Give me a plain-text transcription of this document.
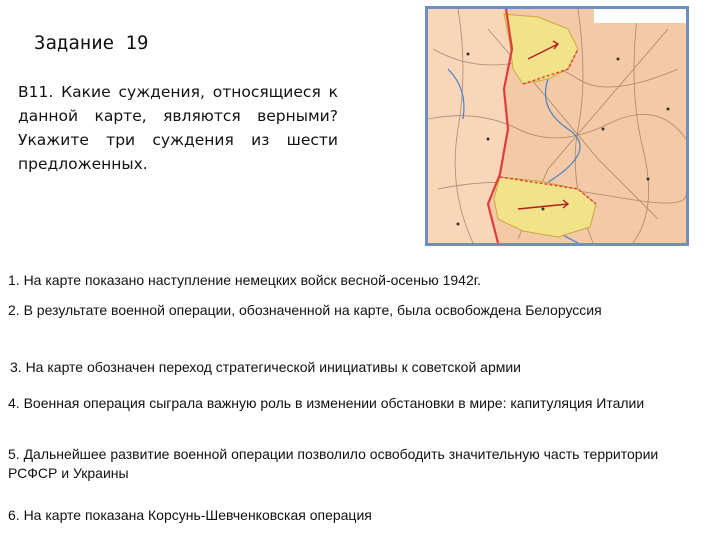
Задание 19
В11. Какие суждения, относящиеся к данной карте, являются верными? Укажите три суждения из шести предложенных.
1. На карте показано наступление немецких войск весной-осенью 1942г.
2. В результате военной операции, обозначенной на карте, была освобождена Белоруссия
3. На карте обозначен переход стратегической инициативы к советской армии
4. Военная операция сыграла важную роль в изменении обстановки в мире: капитуляция Италии
5. Дальнейшее развитие военной операции позволило освободить значительную часть территории РСФСР и Украины
6. На карте показана Корсунь-Шевченковская операция
